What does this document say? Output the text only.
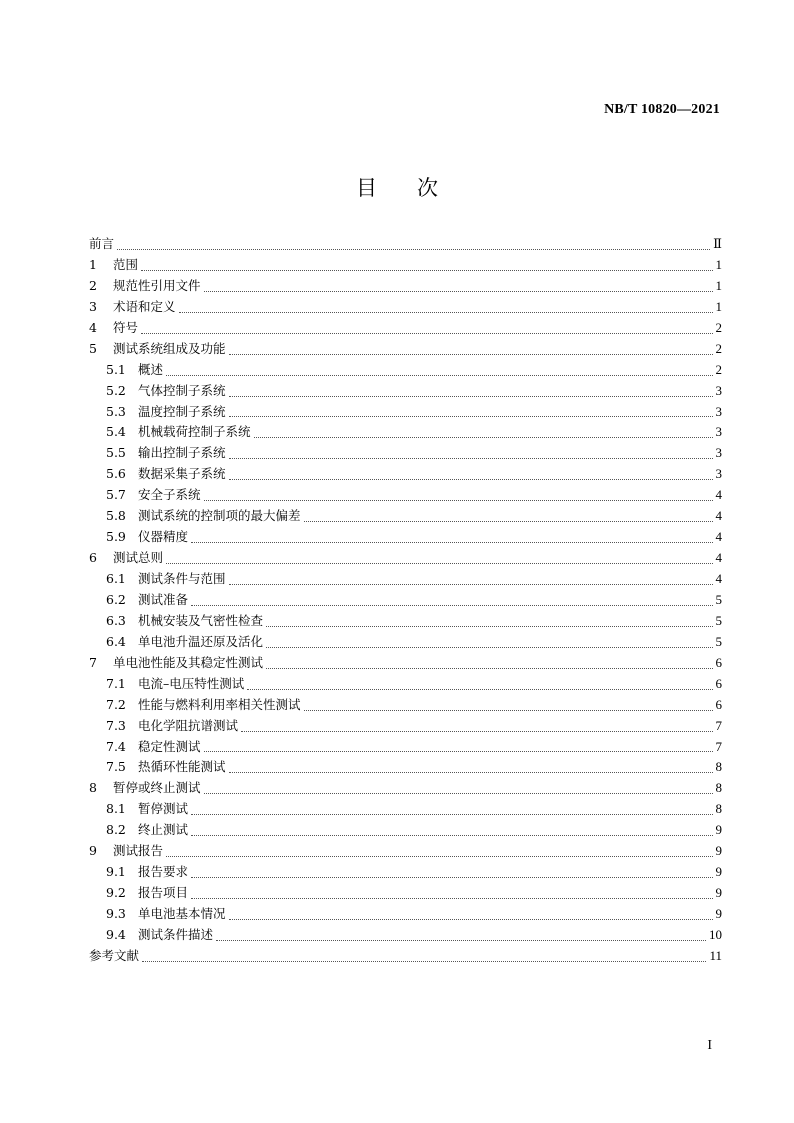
NB/T 10820—2021
目次
前言	Ⅱ
1	范围	1
2	规范性引用文件	1
3	术语和定义	1
4	符号	2
5	测试系统组成及功能	2
5.1 概述	2
5.2 气体控制子系统	3
5.3 温度控制子系统	3
5.4 机械载荷控制子系统	3
5.5 输出控制子系统	3
5.6 数据采集子系统	3
5.7 安全子系统	4
5.8 测试系统的控制项的最大偏差	4
5.9 仪器精度	4
6	测试总则	4
6.1 测试条件与范围	4
6.2 测试准备	5
6.3 机械安装及气密性检查	5
6.4 单电池升温还原及活化	5
7	单电池性能及其稳定性测试	6
7.1 电流–电压特性测试	6
7.2 性能与燃料利用率相关性测试	6
7.3 电化学阻抗谱测试	7
7.4 稳定性测试	7
7.5 热循环性能测试	8
8	暂停或终止测试	8
8.1 暂停测试	8
8.2 终止测试	9
9	测试报告	9
9.1 报告要求	9
9.2 报告项目	9
9.3 单电池基本情况	9
9.4 测试条件描述	10
参考文献	11
I
